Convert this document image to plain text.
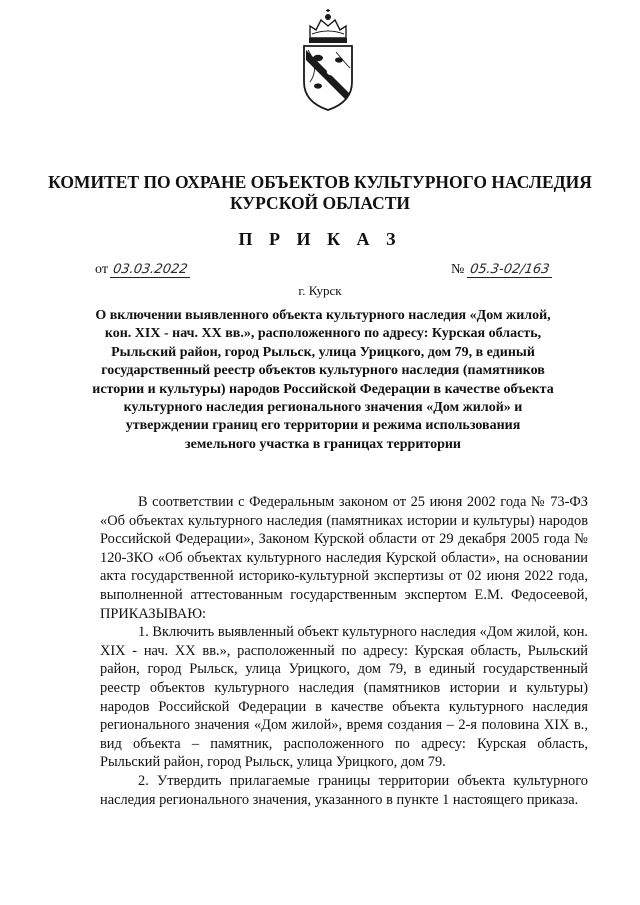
КОМИТЕТ ПО ОХРАНЕ ОБЪЕКТОВ КУЛЬТУРНОГО НАСЛЕДИЯ
КУРСКОЙ ОБЛАСТИ
П Р И К А З
от 03.03.2022	№ 05.3-02/163
г. Курск
О включении выявленного объекта культурного наследия «Дом жилой, кон. XIX - нач. XX вв.», расположенного по адресу: Курская область, Рыльский район, город Рыльск, улица Урицкого, дом 79, в единый государственный реестр объектов культурного наследия (памятников истории и культуры) народов Российской Федерации в качестве объекта культурного наследия регионального значения «Дом жилой» и утверждении границ его территории и режима использования земельного участка в границах территории

В соответствии с Федеральным законом от 25 июня 2002 года № 73-ФЗ «Об объектах культурного наследия (памятниках истории и культуры) народов Российской Федерации», Законом Курской области от 29 декабря 2005 года № 120-ЗКО «Об объектах культурного наследия Курской области», на основании акта государственной историко-культурной экспертизы от 02 июня 2022 года, выполненной аттестованным государственным экспертом Е.М. Федосеевой, ПРИКАЗЫВАЮ:

1. Включить выявленный объект культурного наследия «Дом жилой, кон. XIX - нач. XX вв.», расположенный по адресу: Курская область, Рыльский район, город Рыльск, улица Урицкого, дом 79, в единый государственный реестр объектов культурного наследия (памятников истории и культуры) народов Российской Федерации в качестве объекта культурного наследия регионального значения «Дом жилой», время создания – 2-я половина XIX в., вид объекта – памятник, расположенного по адресу: Курская область, Рыльский район, город Рыльск, улица Урицкого, дом 79.

2. Утвердить прилагаемые границы территории объекта культурного наследия регионального значения, указанного в пункте 1 настоящего приказа.
